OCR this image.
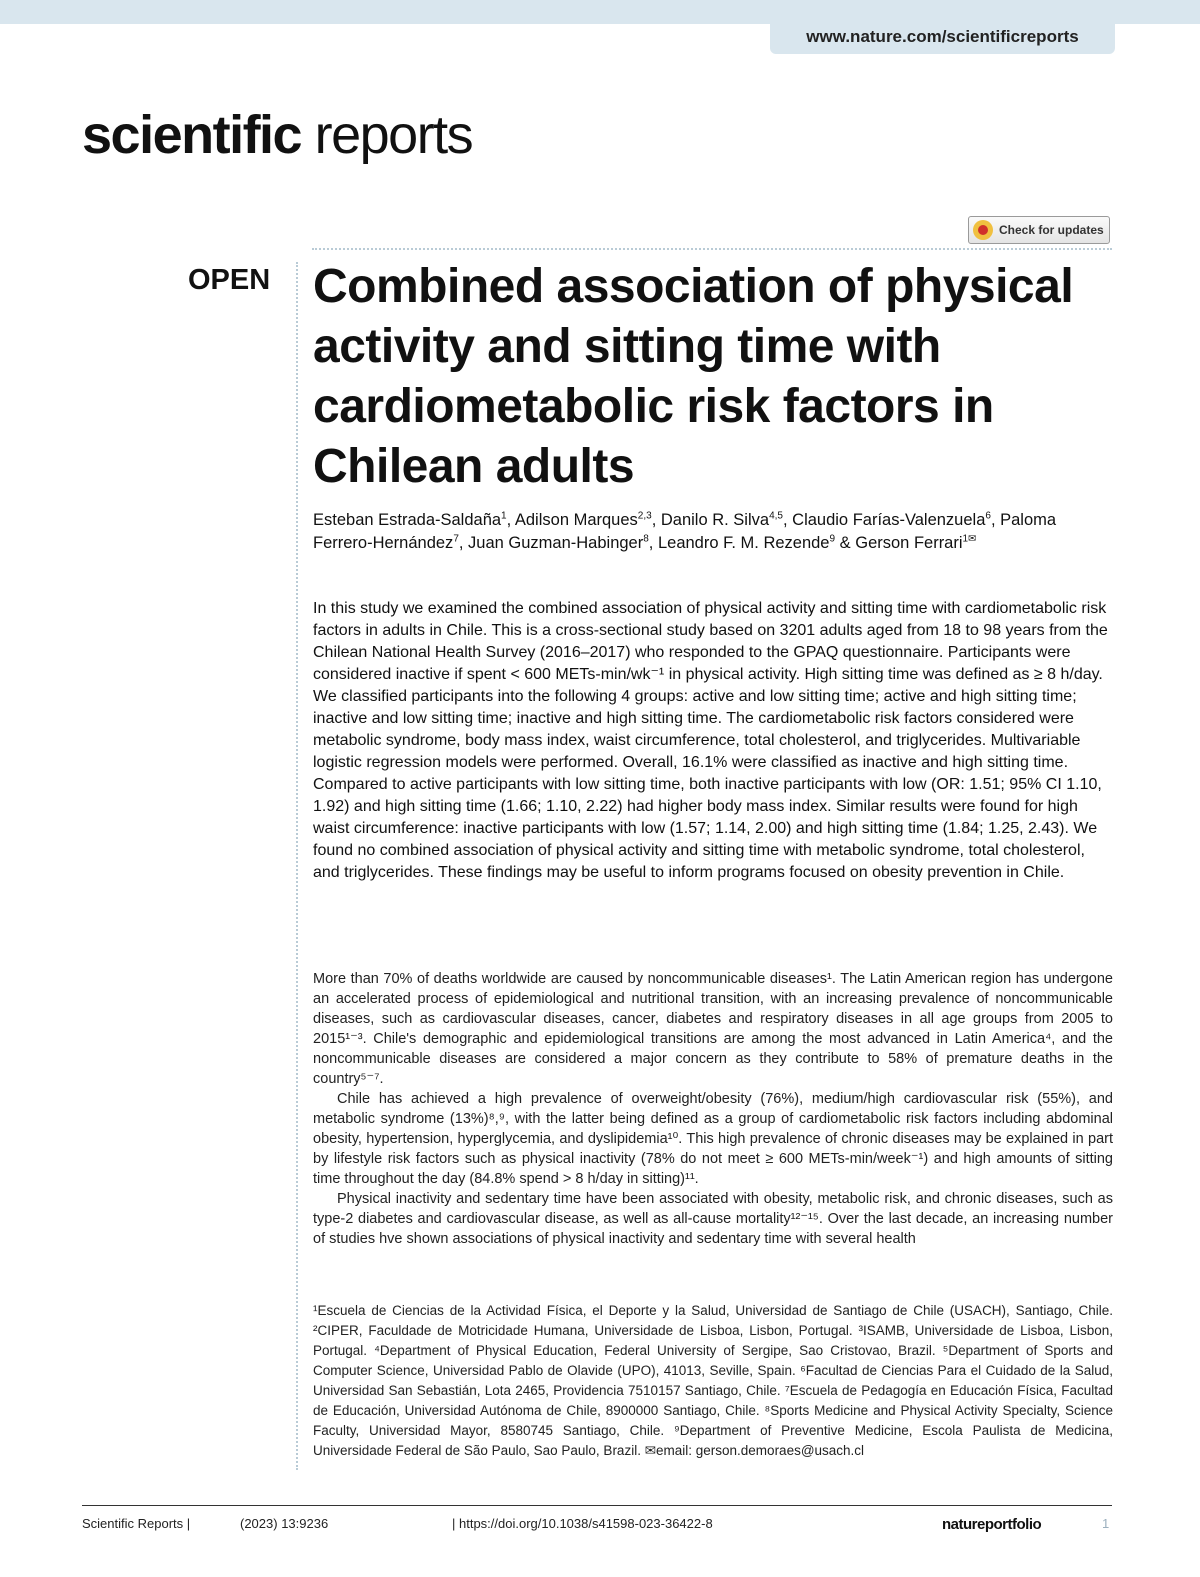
www.nature.com/scientificreports
scientific reports
Check for updates
OPEN Combined association of physical activity and sitting time with cardiometabolic risk factors in Chilean adults
Esteban Estrada-Saldaña$^1$, Adilson Marques$^{2,3}$, Danilo R. Silva$^{4,5}$, Claudio Farías-Valenzuela$^6$, Paloma Ferrero-Hernández$^7$, Juan Guzman-Habinger$^8$, Leandro F. M. Rezende$^9$ & Gerson Ferrari$^{1✉}$
In this study we examined the combined association of physical activity and sitting time with cardiometabolic risk factors in adults in Chile. This is a cross-sectional study based on 3201 adults aged from 18 to 98 years from the Chilean National Health Survey (2016–2017) who responded to the GPAQ questionnaire. Participants were considered inactive if spent < 600 METs-min/wk⁻¹ in physical activity. High sitting time was defined as ≥ 8 h/day. We classified participants into the following 4 groups: active and low sitting time; active and high sitting time; inactive and low sitting time; inactive and high sitting time. The cardiometabolic risk factors considered were metabolic syndrome, body mass index, waist circumference, total cholesterol, and triglycerides. Multivariable logistic regression models were performed. Overall, 16.1% were classified as inactive and high sitting time. Compared to active participants with low sitting time, both inactive participants with low (OR: 1.51; 95% CI 1.10, 1.92) and high sitting time (1.66; 1.10, 2.22) had higher body mass index. Similar results were found for high waist circumference: inactive participants with low (1.57; 1.14, 2.00) and high sitting time (1.84; 1.25, 2.43). We found no combined association of physical activity and sitting time with metabolic syndrome, total cholesterol, and triglycerides. These findings may be useful to inform programs focused on obesity prevention in Chile.

More than 70% of deaths worldwide are caused by noncommunicable diseases¹. The Latin American region has undergone an accelerated process of epidemiological and nutritional transition, with an increasing prevalence of noncommunicable diseases, such as cardiovascular diseases, cancer, diabetes and respiratory diseases in all age groups from 2005 to 2015¹⁻³. Chile's demographic and epidemiological transitions are among the most advanced in Latin America⁴, and the noncommunicable diseases are considered a major concern as they contribute to 58% of premature deaths in the country⁵⁻⁷.

Chile has achieved a high prevalence of overweight/obesity (76%), medium/high cardiovascular risk (55%), and metabolic syndrome (13%)⁸,⁹, with the latter being defined as a group of cardiometabolic risk factors including abdominal obesity, hypertension, hyperglycemia, and dyslipidemia¹⁰. This high prevalence of chronic diseases may be explained in part by lifestyle risk factors such as physical inactivity (78% do not meet ≥ 600 METs-min/week⁻¹) and high amounts of sitting time throughout the day (84.8% spend > 8 h/day in sitting)¹¹.

Physical inactivity and sedentary time have been associated with obesity, metabolic risk, and chronic diseases, such as type-2 diabetes and cardiovascular disease, as well as all-cause mortality¹²⁻¹⁵. Over the last decade, an increasing number of studies hve shown associations of physical inactivity and sedentary time with several health

¹Escuela de Ciencias de la Actividad Física, el Deporte y la Salud, Universidad de Santiago de Chile (USACH), Santiago, Chile. ²CIPER, Faculdade de Motricidade Humana, Universidade de Lisboa, Lisbon, Portugal. ³ISAMB, Universidade de Lisboa, Lisbon, Portugal. ⁴Department of Physical Education, Federal University of Sergipe, Sao Cristovao, Brazil. ⁵Department of Sports and Computer Science, Universidad Pablo de Olavide (UPO), 41013, Seville, Spain. ⁶Facultad de Ciencias Para el Cuidado de la Salud, Universidad San Sebastián, Lota 2465, Providencia 7510157 Santiago, Chile. ⁷Escuela de Pedagogía en Educación Física, Facultad de Educación, Universidad Autónoma de Chile, 8900000 Santiago, Chile. ⁸Sports Medicine and Physical Activity Specialty, Science Faculty, Universidad Mayor, 8580745 Santiago, Chile. ⁹Department of Preventive Medicine, Escola Paulista de Medicina, Universidade Federal de São Paulo, Sao Paulo, Brazil. ✉email: gerson.demoraes@usach.cl
Scientific Reports |	(2023) 13:9236	| https://doi.org/10.1038/s41598-023-36422-8	natureportfolio	1
